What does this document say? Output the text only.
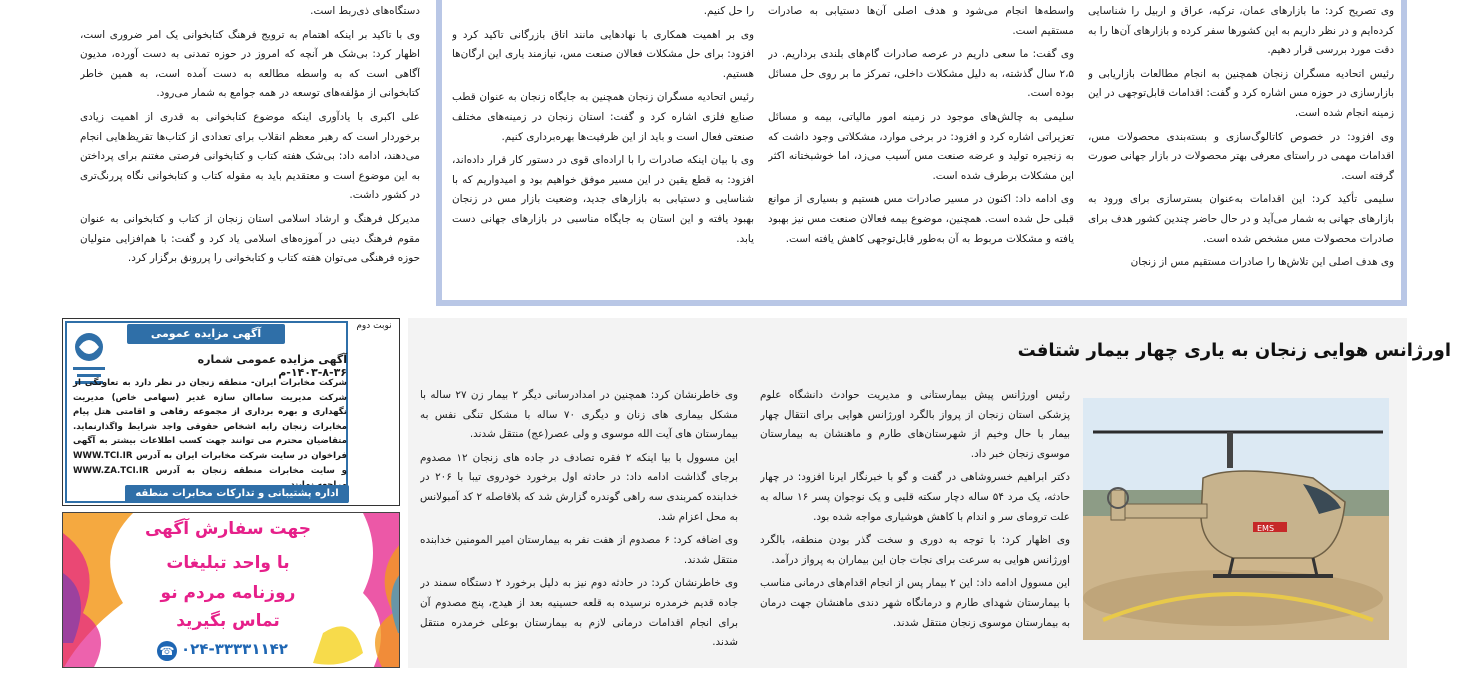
دستگاه‌های ذی‌ربط است.

وی با تاکید بر اینکه اهتمام به ترویج فرهنگ کتابخوانی یک امر ضروری است، اظهار کرد: بی‌شک هر آنچه که امروز در حوزه تمدنی به دست آورده، مدیون آگاهی است که به واسطه مطالعه به دست آمده است، به همین خاطر کتابخوانی از مؤلفه‌های توسعه در همه جوامع به شمار می‌رود.

علی اکبری با یادآوری اینکه موضوع کتابخوانی به قدری از اهمیت زیادی برخوردار است که رهبر معظم انقلاب برای تعدادی از کتاب‌ها تقریظ‌هایی انجام می‌دهند، ادامه داد: بی‌شک هفته کتاب و کتابخوانی فرصتی مغتنم برای پرداختن به این موضوع است و معتقدیم باید به مقوله کتاب و کتابخوانی نگاه پررنگ‌تری در کشور داشت.

مدیرکل فرهنگ و ارشاد اسلامی استان زنجان از کتاب و کتابخوانی به عنوان مقوم فرهنگ دینی در آموزه‌های اسلامی یاد کرد و گفت: با هم‌افزایی متولیان حوزه فرهنگی می‌توان هفته کتاب و کتابخوانی را پررونق برگزار کرد.

را حل کنیم.

وی بر اهمیت همکاری با نهادهایی مانند اتاق بازرگانی تاکید کرد و افزود: برای حل مشکلات فعالان صنعت مس، نیازمند یاری این ارگان‌ها هستیم.

رئیس اتحادیه مسگران زنجان همچنین به جایگاه زنجان به عنوان قطب صنایع فلزی اشاره کرد و گفت: استان زنجان در زمینه‌های مختلف صنعتی فعال است و باید از این ظرفیت‌ها بهره‌برداری کنیم.

وی با بیان اینکه صادرات را با اراده‌ای قوی در دستور کار قرار داده‌اند، افزود: به قطع یقین در این مسیر موفق خواهیم بود و امیدواریم که با شناسایی و دستیابی به بازارهای جدید، وضعیت بازار مس در زنجان بهبود یافته و این استان به جایگاه مناسبی در بازارهای جهانی دست یابد.

واسطه‌ها انجام می‌شود و هدف اصلی آن‌ها دستیابی به صادرات مستقیم است.

وی گفت: ما سعی داریم در عرصه صادرات گام‌های بلندی برداریم. در ۲،۵ سال گذشته، به دلیل مشکلات داخلی، تمرکز ما بر روی حل مسائل بوده است.

سلیمی به چالش‌های موجود در زمینه امور مالیاتی، بیمه و مسائل تعزیراتی اشاره کرد و افزود: در برخی موارد، مشکلاتی وجود داشت که به زنجیره تولید و عرضه صنعت مس آسیب می‌زد، اما خوشبختانه اکثر این مشکلات برطرف شده است.

وی ادامه داد: اکنون در مسیر صادرات مس هستیم و بسیاری از موانع قبلی حل شده است. همچنین، موضوع بیمه فعالان صنعت مس نیز بهبود یافته و مشکلات مربوط به آن به‌طور قابل‌توجهی کاهش یافته است.

وی تصریح کرد: ما بازارهای عمان، ترکیه، عراق و اربیل را شناسایی کرده‌ایم و در نظر داریم به این کشورها سفر کرده و بازارهای آن‌ها را به دقت مورد بررسی قرار دهیم.

رئیس اتحادیه مسگران زنجان همچنین به انجام مطالعات بازاریابی و بازارسازی در حوزه مس اشاره کرد و گفت: اقدامات قابل‌توجهی در این زمینه انجام شده است.

وی افزود: در خصوص کاتالوگ‌سازی و بسته‌بندی محصولات مس، اقدامات مهمی در راستای معرفی بهتر محصولات در بازار جهانی صورت گرفته است.

سلیمی تأکید کرد: این اقدامات به‌عنوان بسترسازی برای ورود به بازارهای جهانی به شمار می‌آید و در حال حاضر چندین کشور هدف برای صادرات محصولات مس مشخص شده است.

وی هدف اصلی این تلاش‌ها را صادرات مستقیم مس از زنجان

اورژانس هوایی زنجان به یاری چهار بیمار شتافت

رئیس اورژانس پیش بیمارستانی و مدیریت حوادث دانشگاه علوم پزشکی استان زنجان از پرواز بالگرد اورژانس هوایی برای انتقال چهار بیمار با حال وخیم از شهرستان‌های طارم و ماهنشان به بیمارستان موسوی زنجان خبر داد.

دکتر ابراهیم خسروشاهی در گفت و گو با خبرنگار ایرنا افزود: در چهار حادثه، یک مرد ۵۴ ساله دچار سکته قلبی و یک نوجوان پسر ۱۶ ساله به علت ترومای سر و اندام با کاهش هوشیاری مواجه شده بود.

وی اظهار کرد: با توجه به دوری و سخت گذر بودن منطقه، بالگرد اورژانس هوایی به سرعت برای نجات جان این بیماران به پرواز درآمد.

این مسوول ادامه داد: این ۲ بیمار پس از انجام اقدام‌های درمانی مناسب با بیمارستان شهدای طارم و درمانگاه شهر دندی ماهنشان جهت درمان به بیمارستان موسوی زنجان منتقل شدند.

وی خاطرنشان کرد: همچنین در امدادرسانی دیگر ۲ بیمار زن ۲۷ ساله با مشکل بیماری های زنان و دیگری ۷۰ ساله با مشکل تنگی نفس به بیمارستان های آیت الله موسوی و ولی عصر(عج) منتقل شدند.

این مسوول با بیا اینکه ۲ فقره تصادف در جاده های زنجان ۱۲ مصدوم برجای گذاشت ادامه داد: در حادثه اول برخورد خودروی تیبا با ۲۰۶ در خدابنده کمربندی سه راهی گوندره گزارش شد که بلافاصله ۲ کد آمبولانس به محل اعزام شد.

وی اضافه کرد: ۶ مصدوم از هفت نفر به بیمارستان امیر المومنین خدابنده منتقل شدند.

وی خاطرنشان کرد: در حادثه دوم نیز به دلیل برخورد ۲ دستگاه سمند در جاده قدیم خرمدره نرسیده به قلعه حسینیه بعد از هیدج، پنج مصدوم آن برای انجام اقدامات درمانی لازم به بیمارستان بوعلی خرمدره منتقل شدند.

EMS
آگهی مزایده عمومی
آگهی مزایده عمومی شماره ۳۶-۸-۱۴۰۳-م
شرکت مخابرات ایران- منطقه زنجان در نظر دارد به تعاونگی از شرکت مدیریت ساماان سازه غدیر (سهامی خاص) مدیریت نگهداری و بهره برداری از مجموعه رفاهی و اقامتی هتل پیام مخابرات زنجان رابه اشخاص حقوقی واجد شرایط واگذارنماید. متقاضیان محترم می توانند جهت کسب اطلاعات بیشتر به آگهی فراخوان در سایت شرکت مخابرات ایران به آدرس WWW.TCI.IR و سایت مخابرات منطقه زنجان به آدرس WWW.ZA.TCI.IR
اداره پشتیبانی و تدارکات مخابرات منطقه
نوبت دوم
جهت سفارش آگهی
با واحد تبلیغات
روزنامه مردم نو
تماس بگیرید
☎ ۰۲۴-۳۳۳۳۱۱۴۲
